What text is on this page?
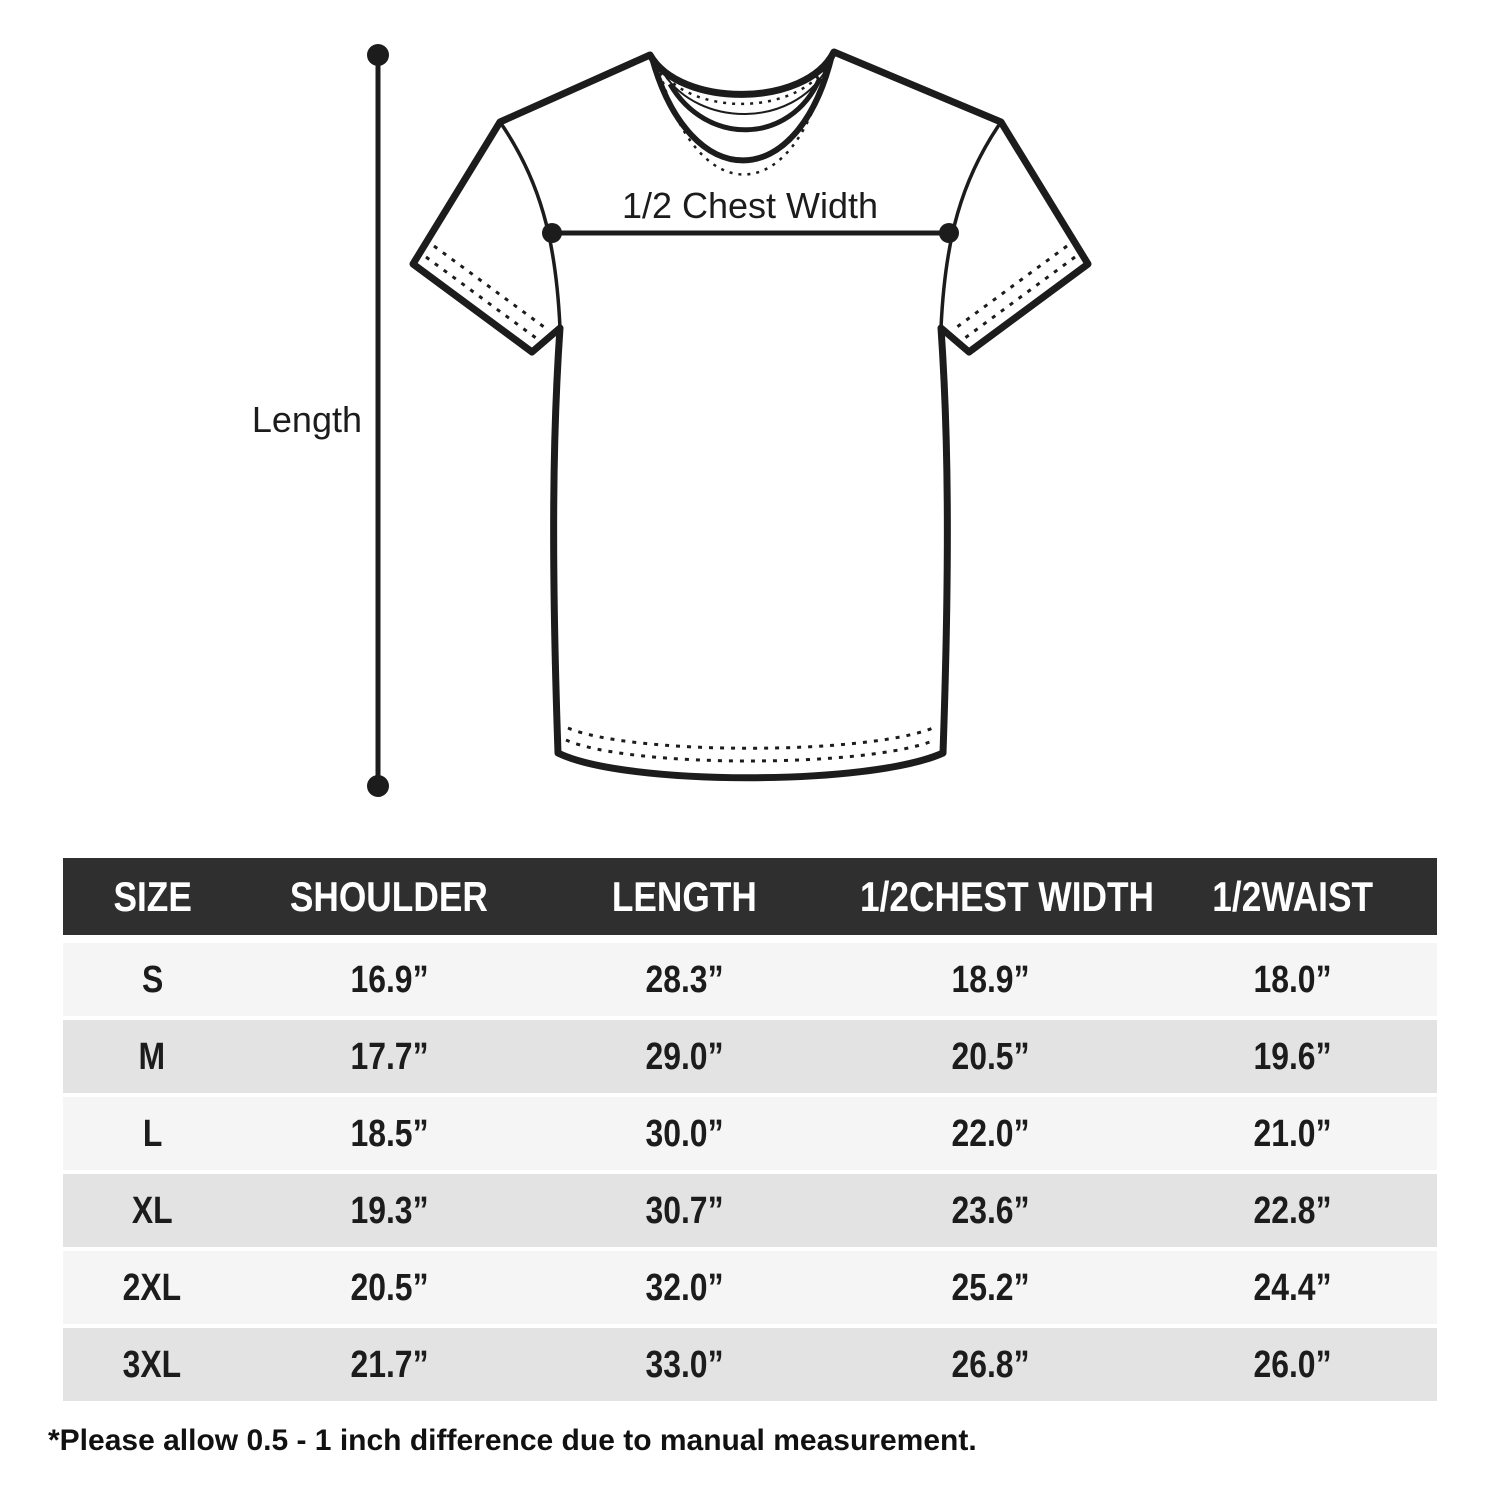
1/2 Chest Width
Length
SIZE	SHOULDER	LENGTH	1/2CHEST WIDTH	1/2WAIST
S	16.9”	28.3”	18.9”	18.0”
M	17.7”	29.0”	20.5”	19.6”
L	18.5”	30.0”	22.0”	21.0”
XL	19.3”	30.7”	23.6”	22.8”
2XL	20.5”	32.0”	25.2”	24.4”
3XL	21.7”	33.0”	26.8”	26.0”
*Please allow 0.5 - 1 inch difference due to manual measurement.
